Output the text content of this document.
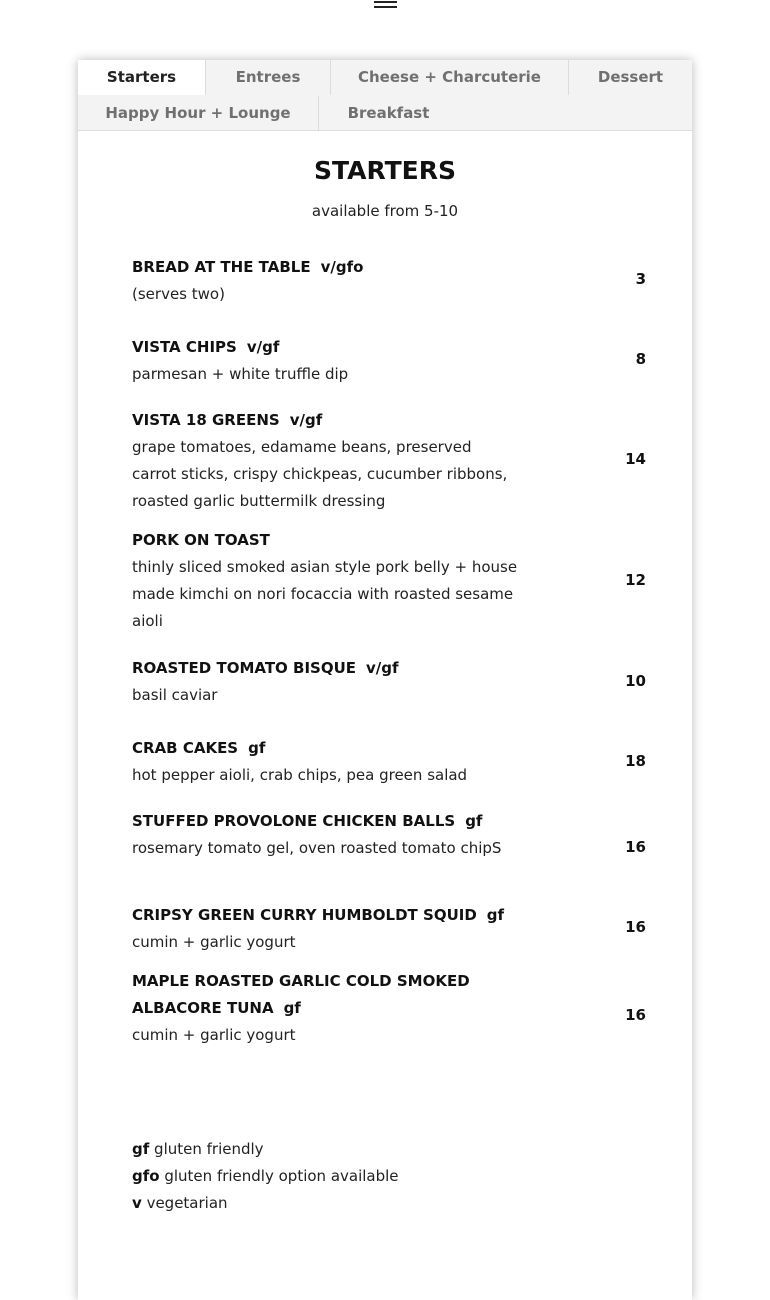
Starters	Entrees	Cheese + Charcuterie	Dessert
Happy Hour + Lounge	Breakfast
STARTERS
available from 5-10
BREAD AT THE TABLE v/gfo
(serves two)
3
VISTA CHIPS v/gf
parmesan + white truffle dip
8
VISTA 18 GREENS v/gf
grape tomatoes, edamame beans, preserved carrot sticks, crispy chickpeas, cucumber ribbons, roasted garlic buttermilk dressing
14
PORK ON TOAST
thinly sliced smoked asian style pork belly + house made kimchi on nori focaccia with roasted sesame aioli
12
ROASTED TOMATO BISQUE v/gf
basil caviar
10
CRAB CAKES gf
hot pepper aioli, crab chips, pea green salad
18
STUFFED PROVOLONE CHICKEN BALLS gf
rosemary tomato gel, oven roasted tomato chipS	16
CRIPSY GREEN CURRY HUMBOLDT SQUID gf
cumin + garlic yogurt
16
MAPLE ROASTED GARLIC COLD SMOKED ALBACORE TUNA gf
cumin + garlic yogurt
16
gf gluten friendly
gfo gluten friendly option available
v vegetarian
